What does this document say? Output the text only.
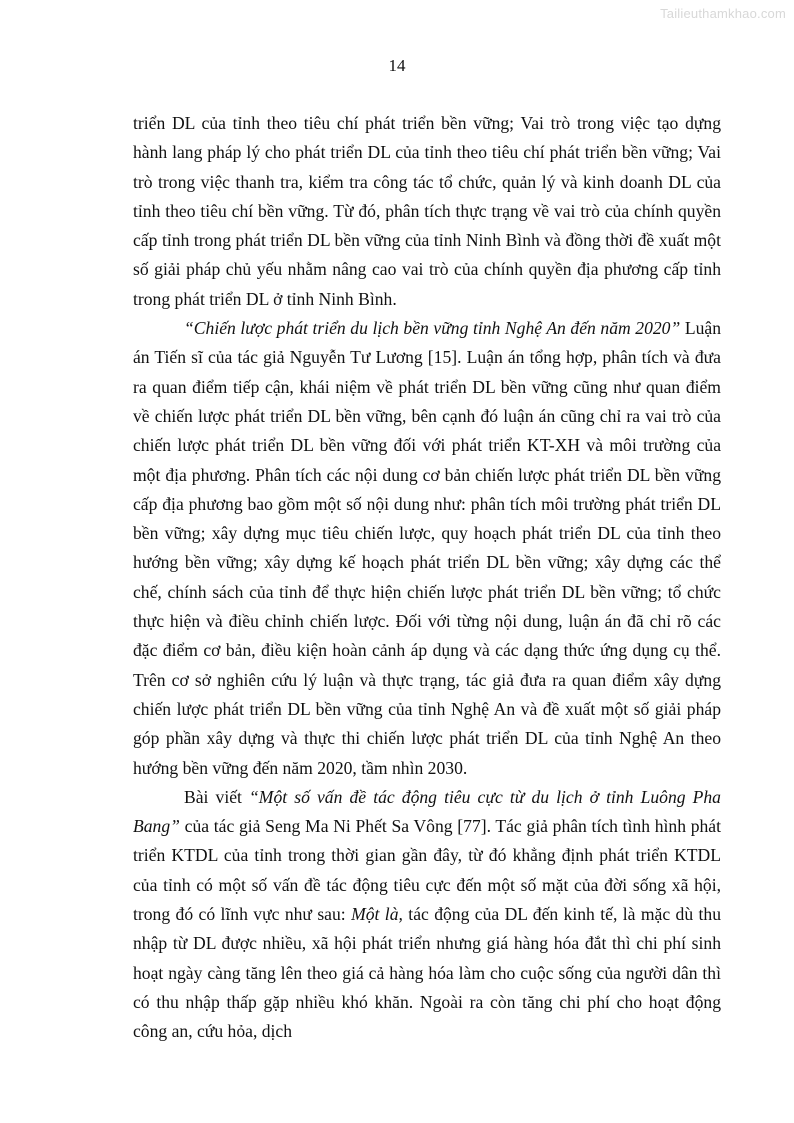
Tailieuthamkhao.com
14

triển DL của tỉnh theo tiêu chí phát triển bền vững; Vai trò trong việc tạo dựng hành lang pháp lý cho phát triển DL của tỉnh theo tiêu chí phát triển bền vững; Vai trò trong việc thanh tra, kiểm tra công tác tổ chức, quản lý và kinh doanh DL của tỉnh theo tiêu chí bền vững. Từ đó, phân tích thực trạng về vai trò của chính quyền cấp tỉnh trong phát triển DL bền vững của tỉnh Ninh Bình và đồng thời đề xuất một số giải pháp chủ yếu nhằm nâng cao vai trò của chính quyền địa phương cấp tỉnh trong phát triển DL ở tỉnh Ninh Bình.

“Chiến lược phát triển du lịch bền vững tỉnh Nghệ An đến năm 2020” Luận án Tiến sĩ của tác giả Nguyễn Tư Lương [15]. Luận án tổng hợp, phân tích và đưa ra quan điểm tiếp cận, khái niệm về phát triển DL bền vững cũng như quan điểm về chiến lược phát triển DL bền vững, bên cạnh đó luận án cũng chỉ ra vai trò của chiến lược phát triển DL bền vững đối với phát triển KT-XH và môi trường của một địa phương. Phân tích các nội dung cơ bản chiến lược phát triển DL bền vững cấp địa phương bao gồm một số nội dung như: phân tích môi trường phát triển DL bền vững; xây dựng mục tiêu chiến lược, quy hoạch phát triển DL của tỉnh theo hướng bền vững; xây dựng kế hoạch phát triển DL bền vững; xây dựng các thể chế, chính sách của tỉnh để thực hiện chiến lược phát triển DL bền vững; tổ chức thực hiện và điều chỉnh chiến lược. Đối với từng nội dung, luận án đã chỉ rõ các đặc điểm cơ bản, điều kiện hoàn cảnh áp dụng và các dạng thức ứng dụng cụ thể. Trên cơ sở nghiên cứu lý luận và thực trạng, tác giả đưa ra quan điểm xây dựng chiến lược phát triển DL bền vững của tỉnh Nghệ An và đề xuất một số giải pháp góp phần xây dựng và thực thi chiến lược phát triển DL của tỉnh Nghệ An theo hướng bền vững đến năm 2020, tầm nhìn 2030.

Bài viết “Một số vấn đề tác động tiêu cực từ du lịch ở tỉnh Luông Pha Bang” của tác giả Seng Ma Ni Phết Sa Vông [77]. Tác giả phân tích tình hình phát triển KTDL của tỉnh trong thời gian gần đây, từ đó khẳng định phát triển KTDL của tỉnh có một số vấn đề tác động tiêu cực đến một số mặt của đời sống xã hội, trong đó có lĩnh vực như sau: Một là, tác động của DL đến kinh tế, là mặc dù thu nhập từ DL được nhiều, xã hội phát triển nhưng giá hàng hóa đắt thì chi phí sinh hoạt ngày càng tăng lên theo giá cả hàng hóa làm cho cuộc sống của người dân thì có thu nhập thấp gặp nhiều khó khăn. Ngoài ra còn tăng chi phí cho hoạt động công an, cứu hỏa, dịch
